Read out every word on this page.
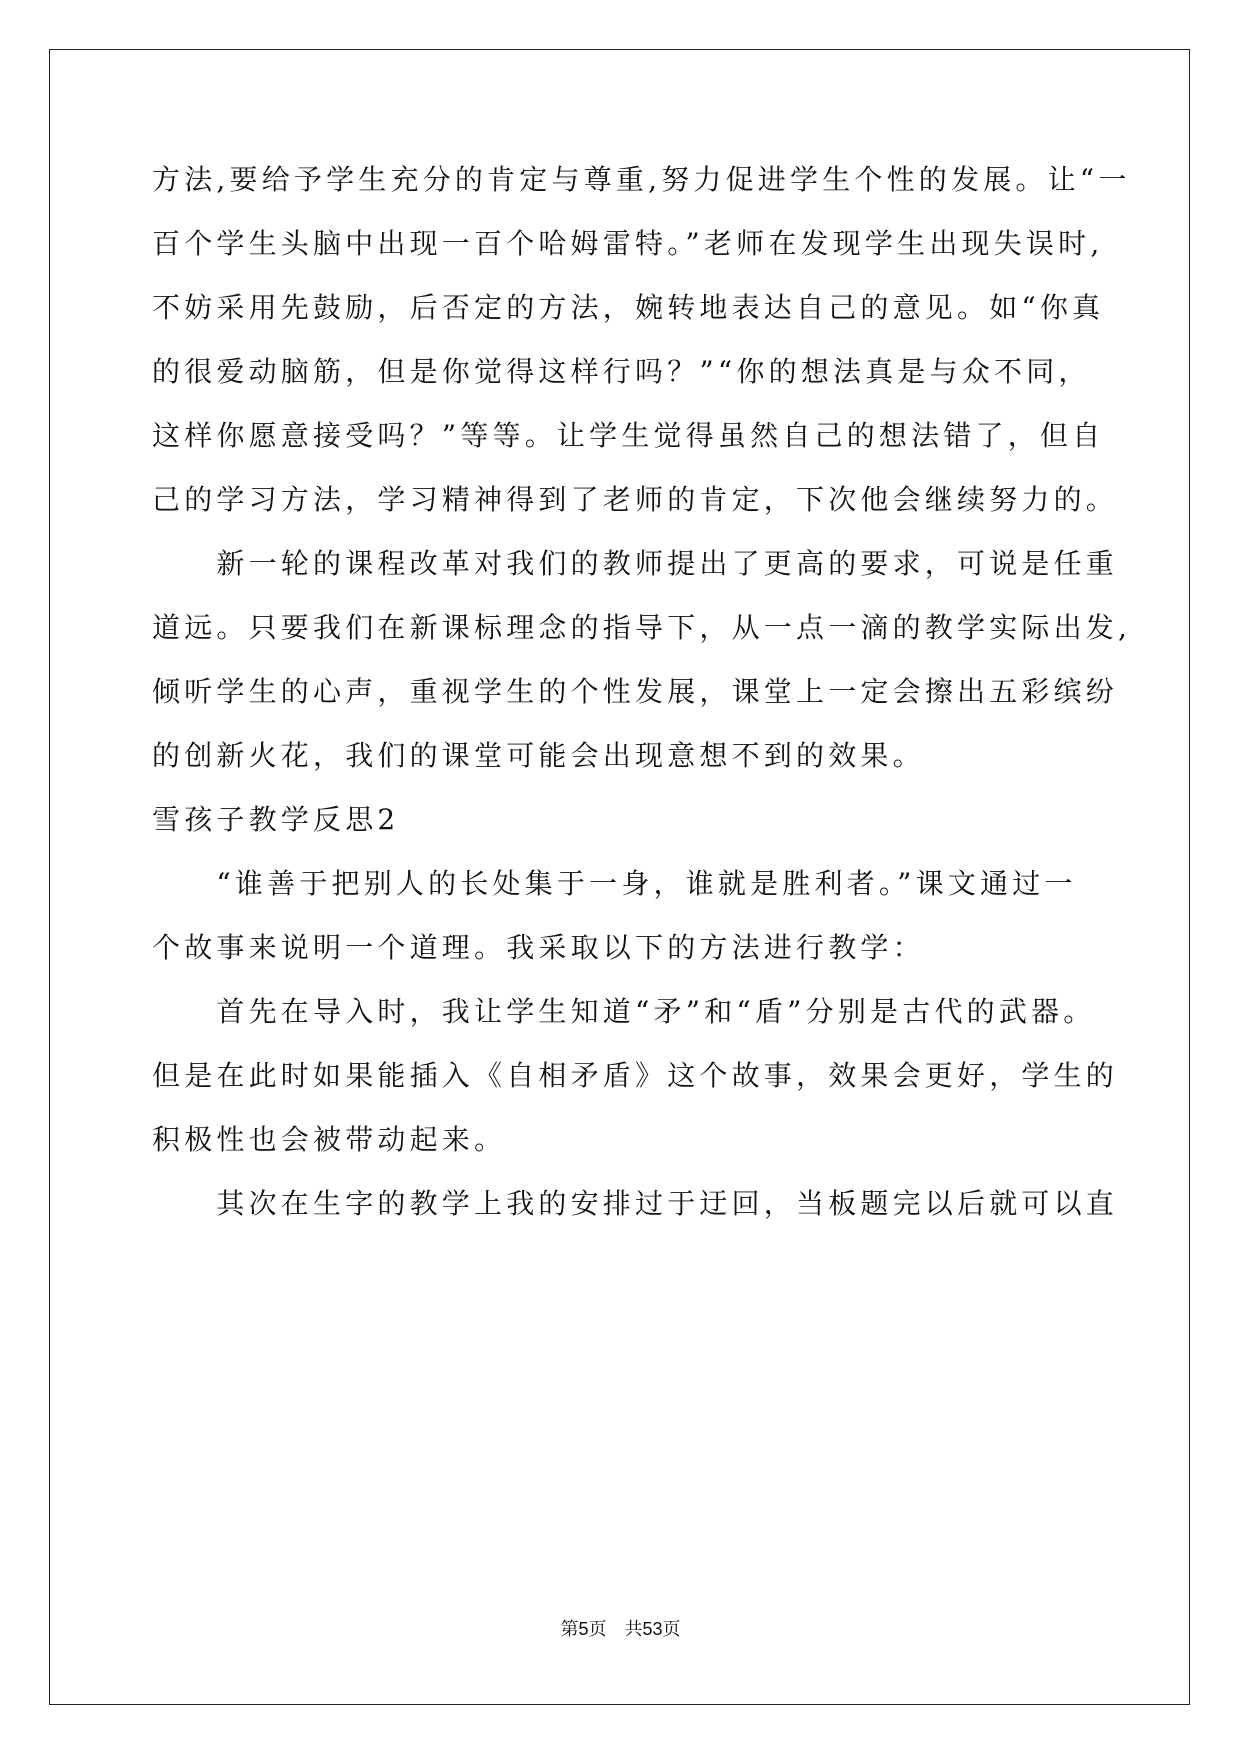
方法,要给予学生充分的肯定与尊重,努力促进学生个性的发展。让“一
百个学生头脑中出现一百个哈姆雷特。”老师在发现学生出现失误时,
不妨采用先鼓励，后否定的方法，婉转地表达自己的意见。如“你真
的很爱动脑筋，但是你觉得这样行吗？”“你的想法真是与众不同，
这样你愿意接受吗？”等等。让学生觉得虽然自己的想法错了，但自
己的学习方法，学习精神得到了老师的肯定，下次他会继续努力的。
　　新一轮的课程改革对我们的教师提出了更高的要求，可说是任重
道远。只要我们在新课标理念的指导下，从一点一滴的教学实际出发,
倾听学生的心声，重视学生的个性发展，课堂上一定会擦出五彩缤纷
的创新火花，我们的课堂可能会出现意想不到的效果。
雪孩子教学反思2
　　“谁善于把别人的长处集于一身，谁就是胜利者。”课文通过一
个故事来说明一个道理。我采取以下的方法进行教学：
　　首先在导入时，我让学生知道“矛”和“盾”分别是古代的武器。
但是在此时如果能插入《自相矛盾》这个故事，效果会更好，学生的
积极性也会被带动起来。
　　其次在生字的教学上我的安排过于迂回，当板题完以后就可以直
第5页 共53页
